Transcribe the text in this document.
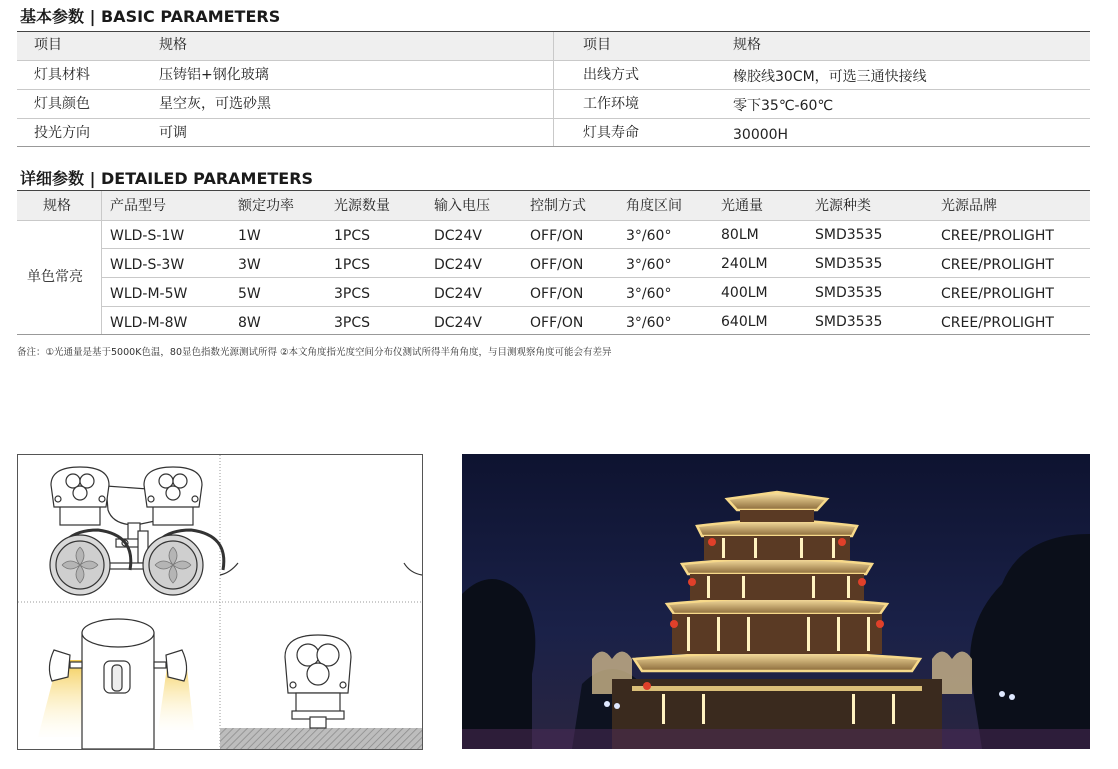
基本参数 | BASIC PARAMETERS
项目	规格	项目	规格
灯具材料	压铸铝+钢化玻璃	出线方式	橡胶线30CM，可选三通快接线
灯具颜色	星空灰，可选砂黑	工作环境	零下35℃-60℃
投光方向	可调	灯具寿命	30000H
详细参数 | DETAILED PARAMETERS
规格	产品型号	额定功率	光源数量	输入电压	控制方式	角度区间	光通量	光源种类	光源品牌
单色常亮
WLD-S-1W	1W	1PCS	DC24V	OFF/ON	3°/60°	80LM	SMD3535	CREE/PROLIGHT
WLD-S-3W	3W	1PCS	DC24V	OFF/ON	3°/60°	240LM	SMD3535	CREE/PROLIGHT
WLD-M-5W	5W	3PCS	DC24V	OFF/ON	3°/60°	400LM	SMD3535	CREE/PROLIGHT
WLD-M-8W	8W	3PCS	DC24V	OFF/ON	3°/60°	640LM	SMD3535	CREE/PROLIGHT
备注：①光通量是基于5000K色温，80显色指数光源测试所得 ②本文角度指光度空间分布仪测试所得半角角度，与目测观察角度可能会有差异
